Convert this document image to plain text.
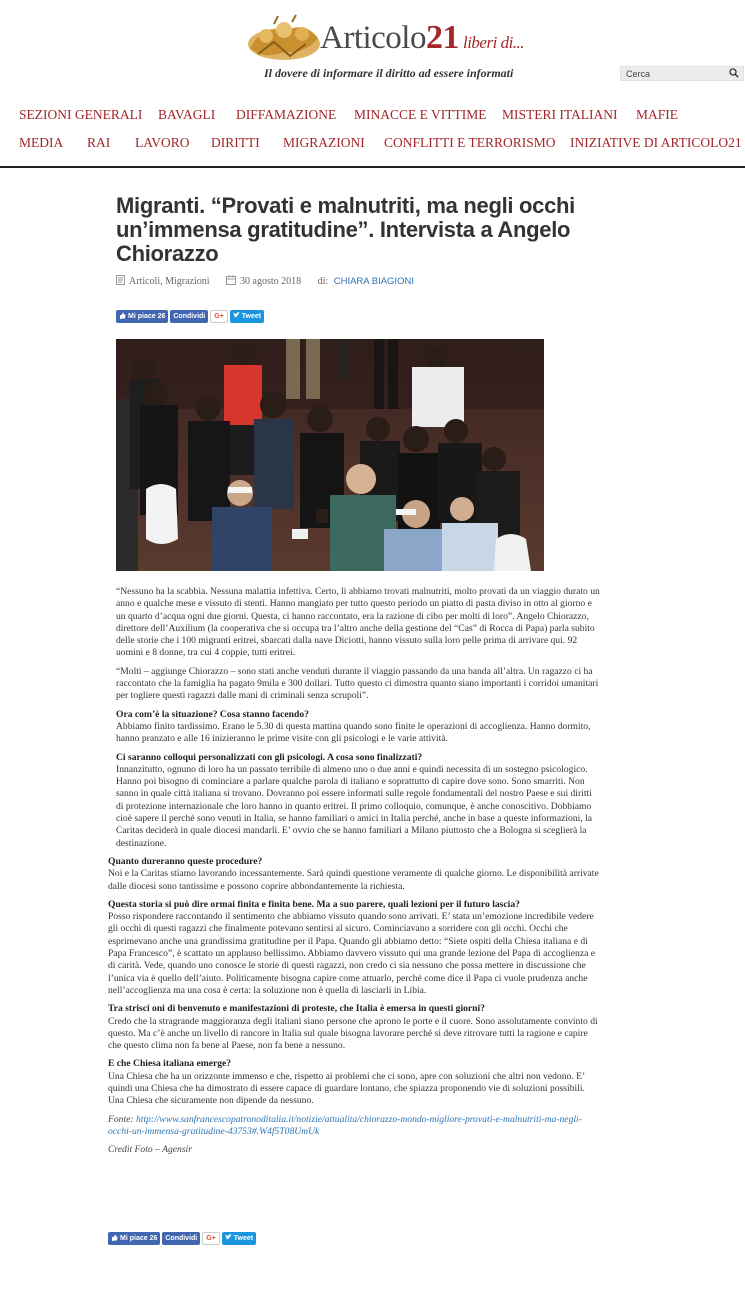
Articolo21 liberi di...
Il dovere di informare il diritto ad essere informati
Cerca
SEZIONI GENERALI BAVAGLI DIFFAMAZIONE MINACCE E VITTIME MISTERI ITALIANI MAFIE
MEDIA RAI LAVORO DIRITTI MIGRAZIONI CONFLITTI E TERRORISMO INIZIATIVE DI ARTICOLO21
Migranti. “Provati e malnutriti, ma negli occhi un’immensa gratitudine”. Intervista a Angelo Chiorazzo
Articoli, Migrazioni	30 agosto 2018 di: CHIARA BIAGIONI
Mi piace 26 Condividi G+	Tweet

“Nessuno ha la scabbia. Nessuna malattia infettiva. Certo, li abbiamo trovati malnutriti, molto provati da un viaggio durato un anno e qualche mese e vissuto di stenti. Hanno mangiato per tutto questo periodo un piatto di pasta diviso in otto al giorno e un quarto d’acqua ogni due giorni. Questa, ci hanno raccontato, era la razione di cibo per molti di loro”. Angelo Chiorazzo, direttore dell’Auxilium (la cooperativa che si occupa tra l’altro anche della gestione del “Cas” di Rocca di Papa) parla subito delle storie che i 100 migranti eritrei, sbarcati dalla nave Diciotti, hanno vissuto sulla loro pelle prima di arrivare qui. 92 uomini e 8 donne, tra cui 4 coppie, tutti eritrei.

“Molti – aggiunge Chiorazzo – sono stati anche venduti durante il viaggio passando da una banda all’altra. Un ragazzo ci ha raccontato che la famiglia ha pagato 9mila e 300 dollari. Tutto questo ci dimostra quanto siano importanti i corridoi umanitari per togliere questi ragazzi dalle mani di criminali senza scrupoli”.

Ora com’è la situazione? Cosa stanno facendo?
Abbiamo finito tardissimo. Erano le 5.30 di questa mattina quando sono finite le operazioni di accoglienza. Hanno dormito, hanno pranzato e alle 16 inizieranno le prime visite con gli psicologi e le varie attività.

Ci saranno colloqui personalizzati con gli psicologi. A cosa sono finalizzati?
Innanzitutto, ognuno di loro ha un passato terribile di almeno uno o due anni e quindi necessita di un sostegno psicologico. Hanno poi bisogno di cominciare a parlare qualche parola di italiano e soprattutto di capire dove sono. Sono smarriti. Non sanno in quale città italiana si trovano. Dovranno poi essere informati sulle regole fondamentali del nostro Paese e sui diritti di protezione internazionale che loro hanno in quanto eritrei. Il primo colloquio, comunque, è anche conoscitivo. Dobbiamo cioè sapere il perché sono venuti in Italia, se hanno familiari o amici in Italia perché, anche in base a queste informazioni, la Caritas deciderà in quale diocesi mandarli. E’ ovvio che se hanno familiari a Milano piuttosto che a Bologna si sceglierà la destinazione.

Quanto dureranno queste procedure?
Noi e la Caritas stiamo lavorando incessantemente. Sarà quindi questione veramente di qualche giorno. Le disponibilità arrivate dalle diocesi sono tantissime e possono coprire abbondantemente la richiesta.

Questa storia si può dire ormai finita e finita bene. Ma a suo parere, quali lezioni per il futuro lascia?
Posso rispondere raccontando il sentimento che abbiamo vissuto quando sono arrivati. E’ stata un’emozione incredibile vedere gli occhi di questi ragazzi che finalmente potevano sentirsi al sicuro. Cominciavano a sorridere con gli occhi. Occhi che esprimevano anche una grandissima gratitudine per il Papa. Quando gli abbiamo detto: “Siete ospiti della Chiesa italiana e di Papa Francesco”, è scattato un applauso bellissimo. Abbiamo davvero vissuto qui una grande lezione del Papa di accoglienza e di carità. Vede, quando uno conosce le storie di questi ragazzi, non credo ci sia nessuno che possa mettere in discussione che l’unica via è quello dell’aiuto. Politicamente bisogna capire come attuarlo, perché come dice il Papa ci vuole prudenza anche nell’accoglienza ma una cosa è certa: la soluzione non è quella di lasciarli in Libia.

Tra strisci oni di benvenuto e manifestazioni di proteste, che Italia è emersa in questi giorni?
Credo che la stragrande maggioranza degli italiani siano persone che aprono le porte e il cuore. Sono assolutamente convinto di questo. Ma c’è anche un livello di rancore in Italia sul quale bisogna lavorare perché si deve ritrovare tutti la ragione e capire che questo clima non fa bene al Paese, non fa bene a nessuno.

E che Chiesa italiana emerge?
Una Chiesa che ha un orizzonte immenso e che, rispetto ai problemi che ci sono, apre con soluzioni che altri non vedono. E’ quindi una Chiesa che ha dimostrato di essere capace di guardare lontano, che spiazza proponendo vie di soluzioni possibili. Una Chiesa che sicuramente non dipende da nessuno.

Fonte: http://www.sanfrancescopatronoditalia.it/notizie/attualita/chiorazzo-mondo-migliore-provati-e-malnutriti-ma-negli-occhi-un-immensa-gratitudine-43753#.W4f5T08UmUk

Credit Foto – Agensir

Mi piace 26 Condividi G+	Tweet
